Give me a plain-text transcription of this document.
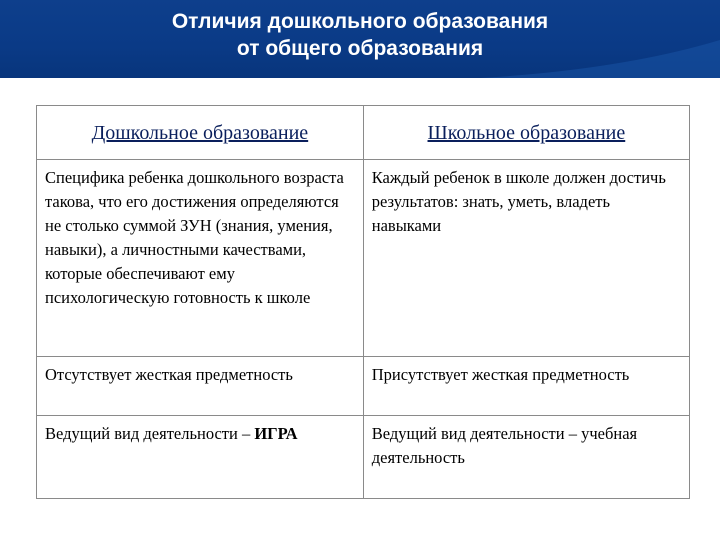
Отличия дошкольного образования
от общего образования
Дошкольное образование	Школьное образование
Специфика ребенка дошкольного возраста такова, что его достижения определяются не столько суммой ЗУН (знания, умения, навыки), а личностными качествами, которые обеспечивают ему психологическую готовность к школе	Каждый ребенок в школе должен достичь результатов: знать, уметь, владеть навыками
Отсутствует жесткая предметность	Присутствует жесткая предметность
Ведущий вид деятельности – ИГРА	Ведущий вид деятельности – учебная деятельность
